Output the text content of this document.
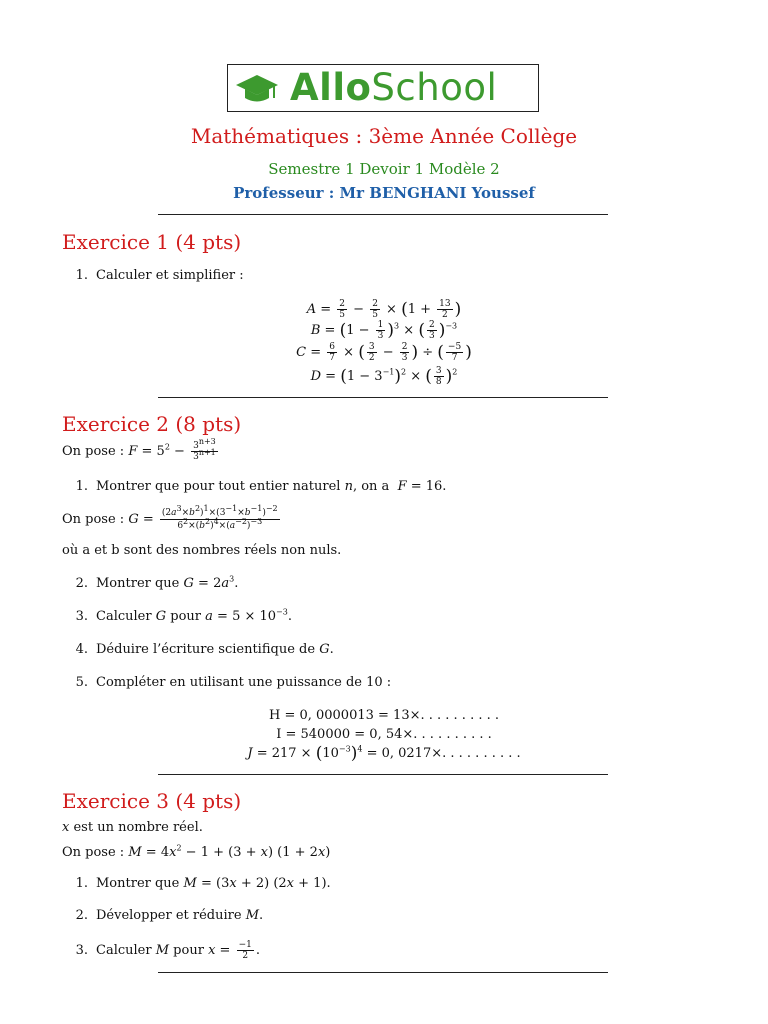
AlloSchool
Mathématiques : 3ème Année Collège
Semestre 1 Devoir 1 Modèle 2
Professeur : Mr BENGHANI Youssef
Exercice 1 (4 pts)
1. Calculer et simplifier :
$A = \frac{2}{5} - \frac{2}{5} \times (1 + \frac{13}{2}$ )
$B = (1 - \frac{1}{3} )^3$ × ( $\frac{2}{3} )^{-3}$
$C = \frac{6}{7}$ × ( $\frac{3}{2} - \frac{2}{3}$ ) ÷ ( $\frac{-5}{7}$ )
$D = (1 - 3^{-1})^2$ × ( $\frac{3}{8} )^2$
Exercice 2 (8 pts)
On pose : $F = 5^2 - \frac{3^{n+3}}{3^{n+1}}$
1. Montrer que pour tout entier naturel n, on a F = 16.
On pose : $G = \frac{(2a^3\times b^2)^1\times(3^{-1}\times b^{-1})^{-2}}{6^2\times(b^2)^4\times(a^{-2})^{-3}}$
où a et b sont des nombres réels non nuls.
2. Montrer que $G = 2a^3$.
3. Calculer G pour $a = 5 \times 10^{-3}$.
4. Déduire l’écriture scientifique de G.
5. Compléter en utilisant une puissance de 10 :
H = 0, 0000013 = 13×. . . . . . . . . .
I = 540000 = 0, 54×. . . . . . . . . .
$J = 217 \times (10^{-3})^4 = 0$, 0217×. . . . . . . . . .
Exercice 3 (4 pts)
x est un nombre réel.
On pose : $M = 4x^2 - 1 + (3 + x) (1 + 2x)$
1. Montrer que M = (3x + 2) (2x + 1).
2. Développer et réduire M.
3. Calculer M pour $x = \frac{-1}{2}$ .
